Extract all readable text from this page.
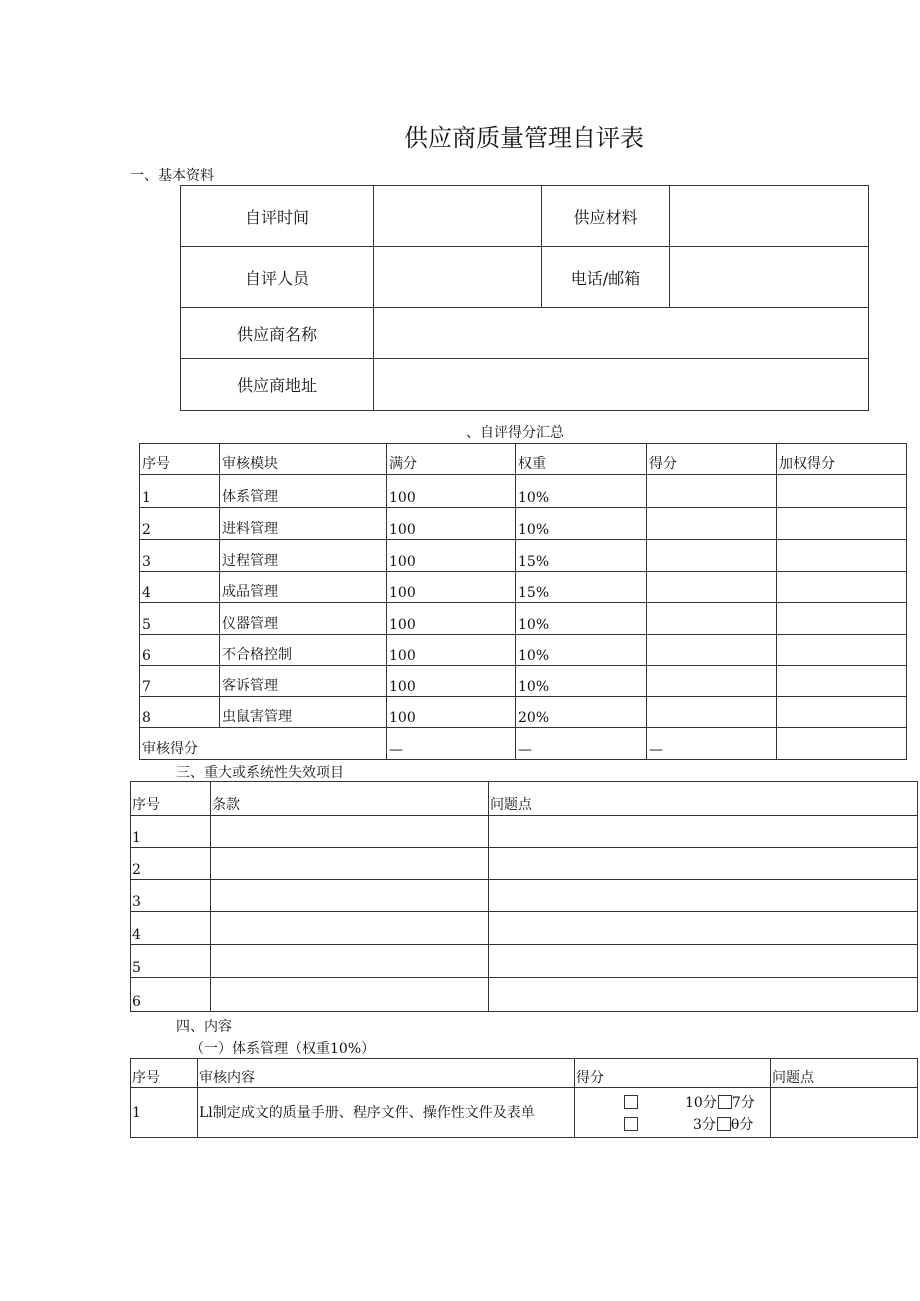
供应商质量管理自评表
一、基本资料
自评时间		供应材料	
自评人员		电话/邮箱	
供应商名称			
供应商地址			
、自评得分汇总
序号	审核模块	满分	权重	得分	加权得分
1	体系管理	100	10%		
2	进料管理	100	10%		
3	过程管理	100	15%		
4	成品管理	100	15%		
5	仪器管理	100	10%		
6	不合格控制	100	10%		
7	客诉管理	100	10%		
8	虫鼠害管理	100	20%		
审核得分		—	—	—	
三、重大或系统性失效项目
序号	条款	问题点
1		
2		
3		
4		
5		
6		
四、内容
（一）体系管理（权重10%）
序号	审核内容	得分	问题点
1	Ll制定成文的质量手册、程序文件、操作性文件及表单	10分 7分
3分 θ分	
